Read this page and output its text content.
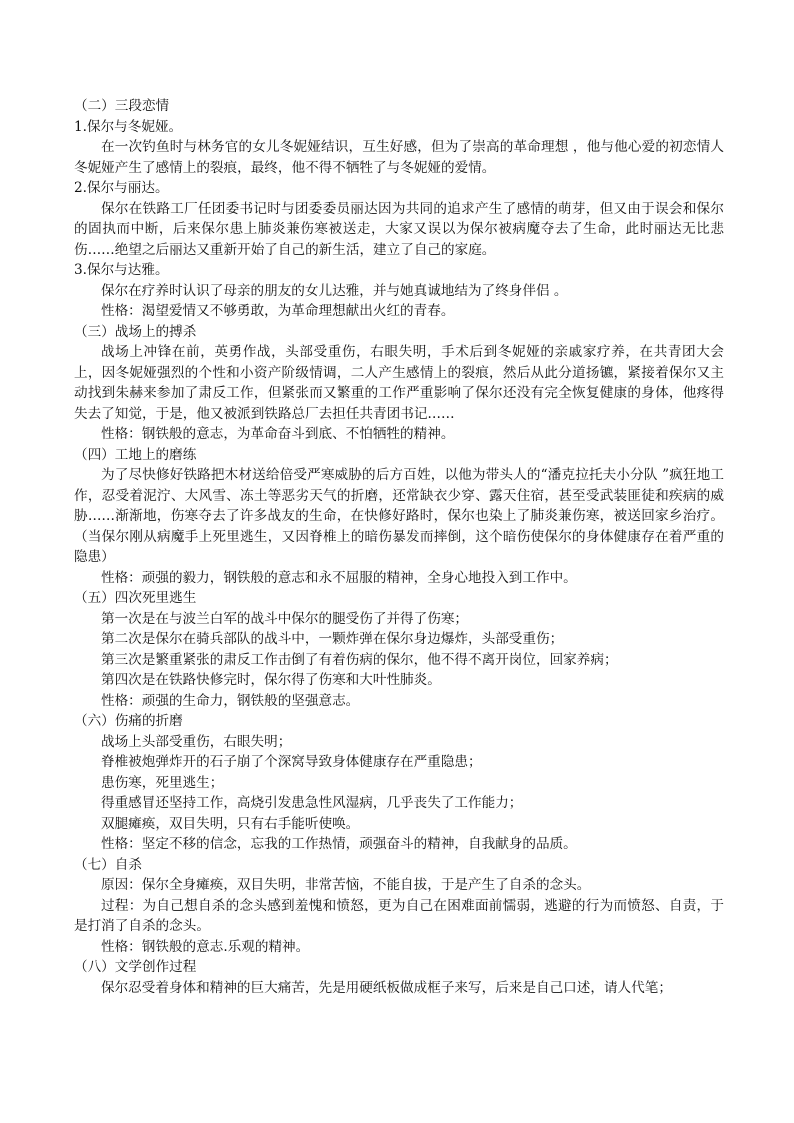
（二）三段恋情
1.保尔与冬妮娅。
在一次钓鱼时与林务官的女儿冬妮娅结识，互生好感，但为了崇高的革命理想 ，他与他心爱的初恋情人冬妮娅产生了感情上的裂痕，最终，他不得不牺牲了与冬妮娅的爱情。
2.保尔与丽达。
保尔在铁路工厂任团委书记时与团委委员丽达因为共同的追求产生了感情的萌芽，但又由于误会和保尔的固执而中断，后来保尔患上肺炎兼伤寒被送走，大家又误以为保尔被病魔夺去了生命，此时丽达无比悲伤……绝望之后丽达又重新开始了自己的新生活，建立了自己的家庭。
3.保尔与达雅。
保尔在疗养时认识了母亲的朋友的女儿达雅，并与她真诚地结为了终身伴侣 。
性格：渴望爱情又不够勇敢，为革命理想献出火红的青春。
（三）战场上的搏杀
战场上冲锋在前，英勇作战，头部受重伤，右眼失明，手术后到冬妮娅的亲戚家疗养，在共青团大会上，因冬妮娅强烈的个性和小资产阶级情调，二人产生感情上的裂痕，然后从此分道扬镳，紧接着保尔又主动找到朱赫来参加了肃反工作，但紧张而又繁重的工作严重影响了保尔还没有完全恢复健康的身体，他疼得失去了知觉，于是，他又被派到铁路总厂去担任共青团书记……
性格：钢铁般的意志，为革命奋斗到底、不怕牺牲的精神。
（四）工地上的磨练
为了尽快修好铁路把木材送给倍受严寒威胁的后方百姓，以他为带头人的“潘克拉托夫小分队 ”疯狂地工作，忍受着泥泞、大风雪、冻土等恶劣天气的折磨，还常缺衣少穿、露天住宿，甚至受武装匪徒和疾病的威胁……渐渐地，伤寒夺去了许多战友的生命，在快修好路时，保尔也染上了肺炎兼伤寒，被送回家乡治疗。（当保尔刚从病魔手上死里逃生，又因脊椎上的暗伤暴发而摔倒，这个暗伤使保尔的身体健康存在着严重的隐患）
性格：顽强的毅力，钢铁般的意志和永不屈服的精神，全身心地投入到工作中。
（五）四次死里逃生
第一次是在与波兰白军的战斗中保尔的腿受伤了并得了伤寒；
第二次是保尔在骑兵部队的战斗中，一颗炸弹在保尔身边爆炸，头部受重伤；
第三次是繁重紧张的肃反工作击倒了有着伤病的保尔，他不得不离开岗位，回家养病；
第四次是在铁路快修完时，保尔得了伤寒和大叶性肺炎。
性格：顽强的生命力，钢铁般的坚强意志。
（六）伤痛的折磨
战场上头部受重伤，右眼失明；
脊椎被炮弹炸开的石子崩了个深窝导致身体健康存在严重隐患；
患伤寒，死里逃生；
得重感冒还坚持工作，高烧引发患急性风湿病，几乎丧失了工作能力；
双腿瘫痪，双目失明，只有右手能听使唤。
性格：坚定不移的信念，忘我的工作热情，顽强奋斗的精神，自我献身的品质。
（七）自杀
原因：保尔全身瘫痪，双目失明，非常苦恼，不能自拔，于是产生了自杀的念头。
过程：为自己想自杀的念头感到羞愧和愤怒，更为自己在困难面前懦弱，逃避的行为而愤怒、自责，于是打消了自杀的念头。
性格：钢铁般的意志.乐观的精神。
（八）文学创作过程
保尔忍受着身体和精神的巨大痛苦，先是用硬纸板做成框子来写，后来是自己口述，请人代笔；
